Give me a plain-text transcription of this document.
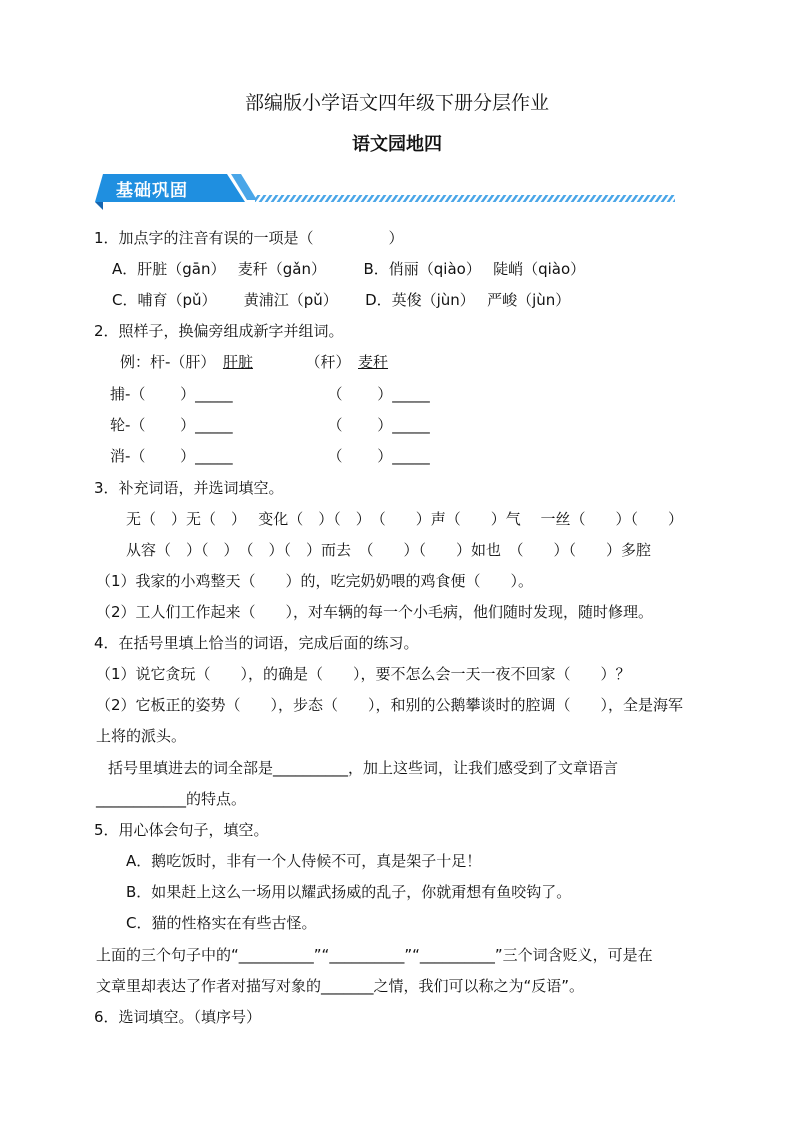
部编版小学语文四年级下册分层作业
语文园地四
基础巩固
1．加点字的注音有误的一项是（　　　　　）
A．肝脏（gān）　 麦秆（gǎn）　　　B．俏丽（qiào）　 陡峭（qiào）
C．哺育（pǔ）　　 黄浦江（pǔ）　　 D．英俊（jùn）　 严峻（jùn）
2．照样子，换偏旁组成新字并组词。
例：杆-（肝）　 肝脏　　　　	（秆）　 麦秆
捕-（　　 ）_____　　　　　　 （　　 ）_____
轮-（　　 ）_____　　　　　　 （　　 ）_____
消-（　　 ）_____　　　　　　 （　　 ）_____
3．补充词语，并选词填空。
无（　）无（　）　 变化（　）（　）　（　　）声（　　）气　 一丝（　　）（　　）
从容（　）（　）　（　）（　）而去　（　　）（　　）如也　（　　）（　　）多腔
（1）我家的小鸡整天（　　）的，吃完奶奶喂的鸡食便（　　）。
（2）工人们工作起来（　　），对车辆的每一个小毛病，他们随时发现，随时修理。
4．在括号里填上恰当的词语，完成后面的练习。
（1）说它贪玩（　　），的确是（　　），要不怎么会一天一夜不回家（　　）？
（2）它板正的姿势（　　），步态（　　），和别的公鹅攀谈时的腔调（　　），全是海军
上将的派头。
括号里填进去的词全部是__________，加上这些词，让我们感受到了文章语言
____________的特点。
5．用心体会句子，填空。
A．鹅吃饭时，非有一个人侍候不可，真是架子十足！
B．如果赶上这么一场用以耀武扬威的乱子，你就甭想有鱼咬钩了。
C．猫的性格实在有些古怪。
上面的三个句子中的“__________”“__________”“__________”三个词含贬义，可是在
文章里却表达了作者对描写对象的_______之情，我们可以称之为“反语”。
6．选词填空。（填序号）
